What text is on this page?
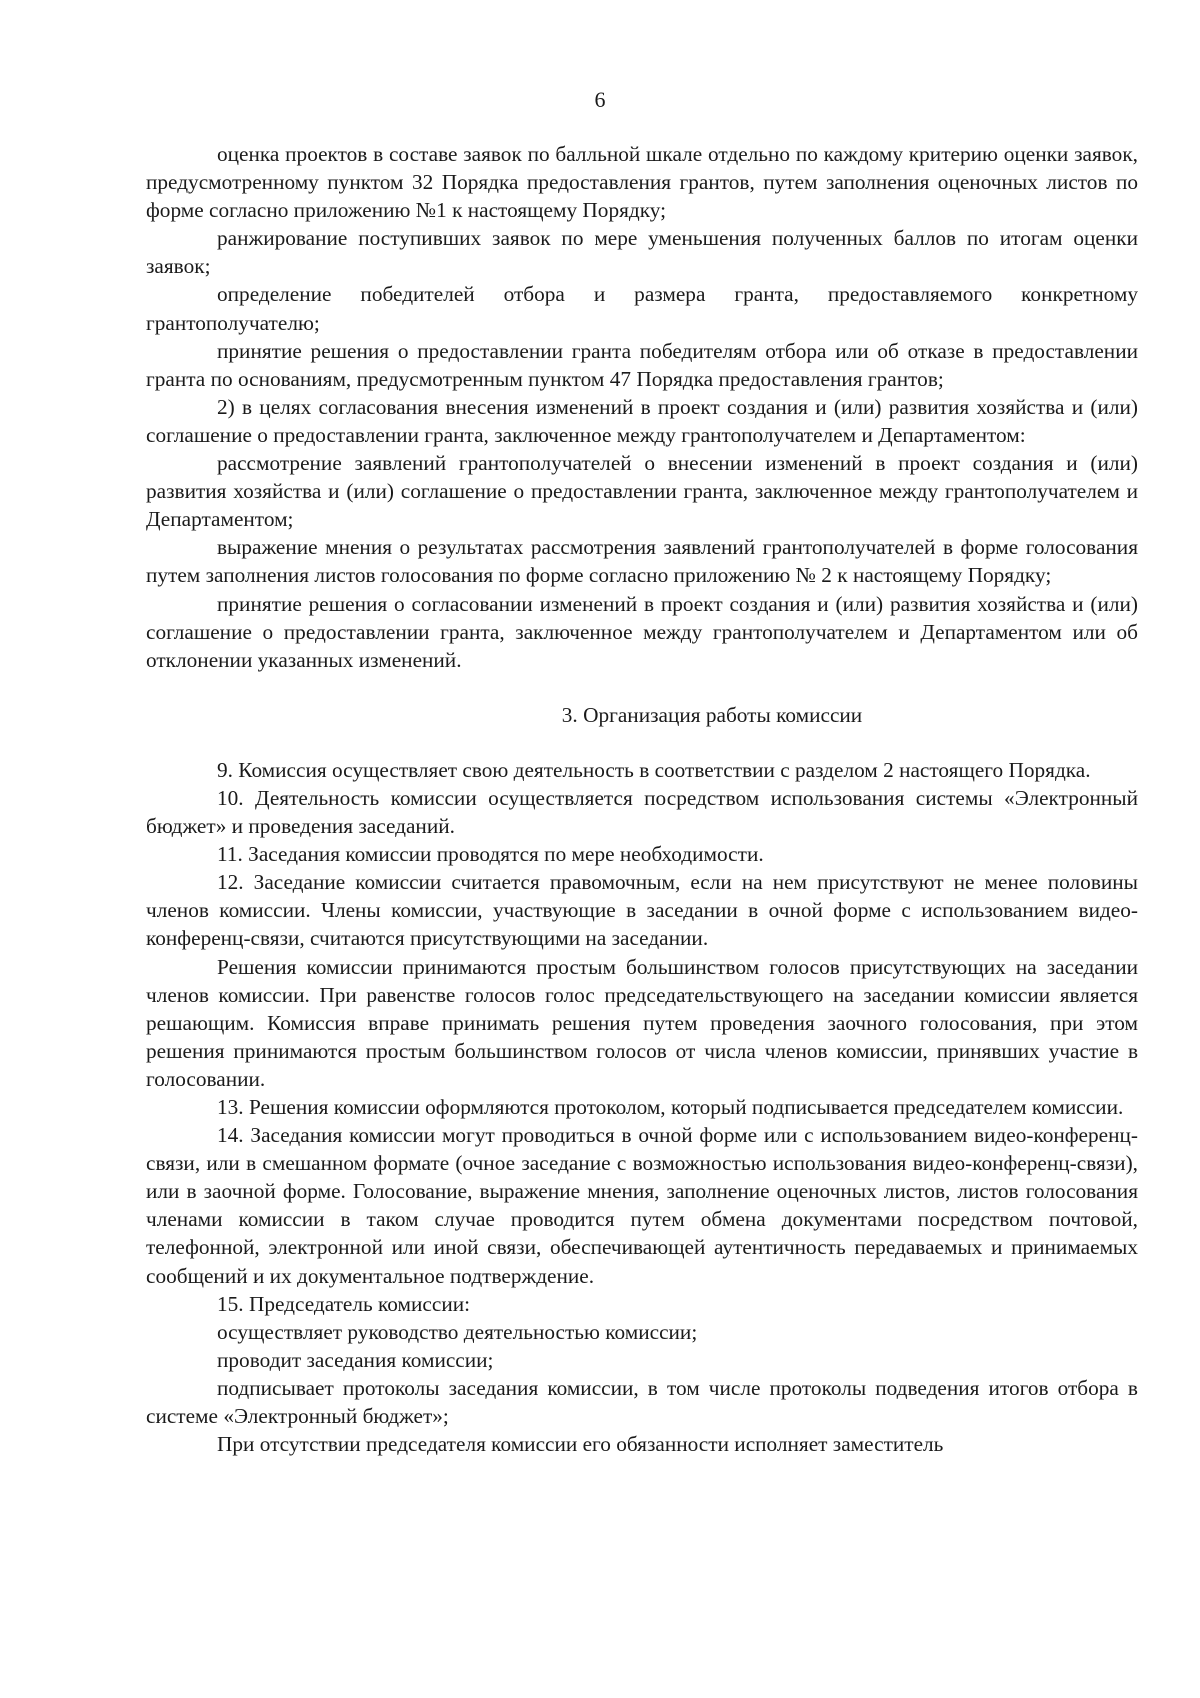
6

оценка проектов в составе заявок по балльной шкале отдельно по каждому критерию оценки заявок, предусмотренному пунктом 32 Порядка предоставления грантов, путем заполнения оценочных листов по форме согласно приложению №1 к настоящему Порядку;

ранжирование поступивших заявок по мере уменьшения полученных баллов по итогам оценки заявок;

определение победителей отбора и размера гранта, предоставляемого конкретному грантополучателю;

принятие решения о предоставлении гранта победителям отбора или об отказе в предоставлении гранта по основаниям, предусмотренным пунктом 47 Порядка предоставления грантов;

2) в целях согласования внесения изменений в проект создания и (или) развития хозяйства и (или) соглашение о предоставлении гранта, заключенное между грантополучателем и Департаментом:

рассмотрение заявлений грантополучателей о внесении изменений в проект создания и (или) развития хозяйства и (или) соглашение о предоставлении гранта, заключенное между грантополучателем и Департаментом;

выражение мнения о результатах рассмотрения заявлений грантополучателей в форме голосования путем заполнения листов голосования по форме согласно приложению № 2 к настоящему Порядку;

принятие решения о согласовании изменений в проект создания и (или) развития хозяйства и (или) соглашение о предоставлении гранта, заключенное между грантополучателем и Департаментом или об отклонении указанных изменений.

3. Организация работы комиссии

9. Комиссия осуществляет свою деятельность в соответствии с разделом 2 настоящего Порядка.

10. Деятельность комиссии осуществляется посредством использования системы «Электронный бюджет» и проведения заседаний.

11. Заседания комиссии проводятся по мере необходимости.

12. Заседание комиссии считается правомочным, если на нем присутствуют не менее половины членов комиссии. Члены комиссии, участвующие в заседании в очной форме с использованием видео-конференц-связи, считаются присутствующими на заседании.

Решения комиссии принимаются простым большинством голосов присутствующих на заседании членов комиссии. При равенстве голосов голос председательствующего на заседании комиссии является решающим. Комиссия вправе принимать решения путем проведения заочного голосования, при этом решения принимаются простым большинством голосов от числа членов комиссии, принявших участие в голосовании.

13. Решения комиссии оформляются протоколом, который подписывается председателем комиссии.

14. Заседания комиссии могут проводиться в очной форме или с использованием видео-конференц-связи, или в смешанном формате (очное заседание с возможностью использования видео-конференц-связи), или в заочной форме. Голосование, выражение мнения, заполнение оценочных листов, листов голосования членами комиссии в таком случае проводится путем обмена документами посредством почтовой, телефонной, электронной или иной связи, обеспечивающей аутентичность передаваемых и принимаемых сообщений и их документальное подтверждение.

15. Председатель комиссии:

осуществляет руководство деятельностью комиссии;

проводит заседания комиссии;

подписывает протоколы заседания комиссии, в том числе протоколы подведения итогов отбора в системе «Электронный бюджет»;

При отсутствии председателя комиссии его обязанности исполняет заместитель
